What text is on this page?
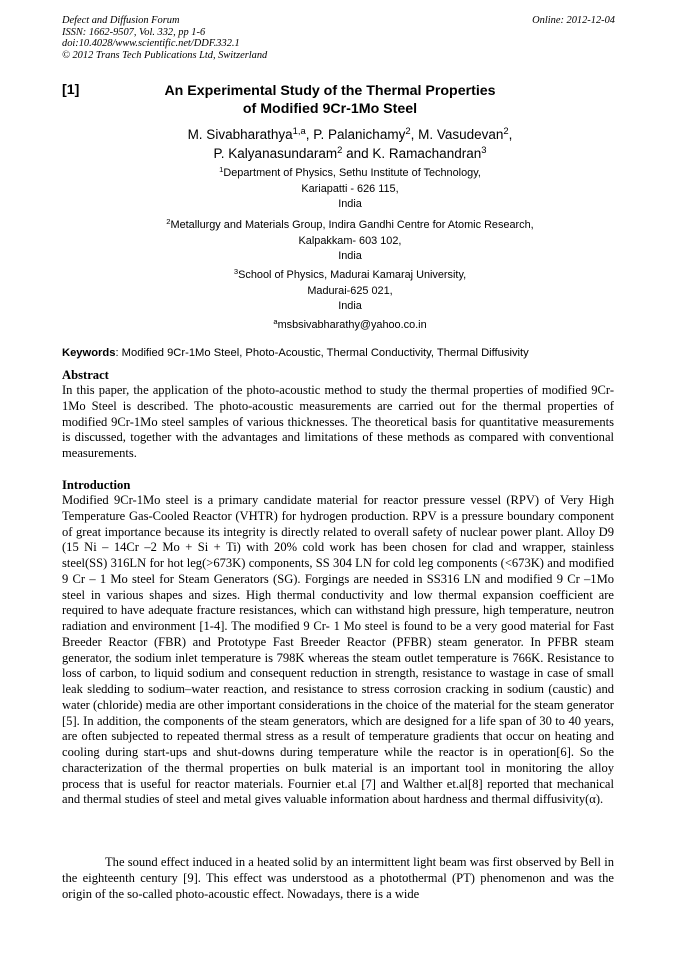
Defect and Diffusion Forum
ISSN: 1662-9507, Vol. 332, pp 1-6
doi:10.4028/www.scientific.net/DDF.332.1
© 2012 Trans Tech Publications Ltd, Switzerland
Online: 2012-12-04
[1]	An Experimental Study of the Thermal Properties
of Modified 9Cr-1Mo Steel
M. Sivabharathya$^{1,a}$, P. Palanichamy$^2$, M. Vasudevan$^2$,
P. Kalyanasundaram$^2$ and K. Ramachandran$^3$
$^1$Department of Physics, Sethu Institute of Technology,
Kariapatti - 626 115,
India
$^2$Metallurgy and Materials Group, Indira Gandhi Centre for Atomic Research,
Kalpakkam- 603 102,
India
$^3$School of Physics, Madurai Kamaraj University,
Madurai-625 021,
India
$^a$msbsivabharathy@yahoo.co.in
Keywords: Modified 9Cr-1Mo Steel, Photo-Acoustic, Thermal Conductivity, Thermal Diffusivity
Abstract
In this paper, the application of the photo-acoustic method to study the thermal properties of modified 9Cr-1Mo Steel is described. The photo-acoustic measurements are carried out for the thermal properties of modified 9Cr-1Mo steel samples of various thicknesses. The theoretical basis for quantitative measurements is discussed, together with the advantages and limitations of these methods as compared with conventional measurements.
Introduction
Modified 9Cr-1Mo steel is a primary candidate material for reactor pressure vessel (RPV) of Very High Temperature Gas-Cooled Reactor (VHTR) for hydrogen production. RPV is a pressure boundary component of great importance because its integrity is directly related to overall safety of nuclear power plant. Alloy D9 (15 Ni – 14Cr –2 Mo + Si + Ti) with 20% cold work has been chosen for clad and wrapper, stainless steel(SS) 316LN for hot leg(>673K) components, SS 304 LN for cold leg components (<673K) and modified 9 Cr – 1 Mo steel for Steam Generators (SG). Forgings are needed in SS316 LN and modified 9 Cr –1Mo steel in various shapes and sizes. High thermal conductivity and low thermal expansion coefficient are required to have adequate fracture resistances, which can withstand high pressure, high temperature, neutron radiation and environment [1-4]. The modified 9 Cr- 1 Mo steel is found to be a very good material for Fast Breeder Reactor (FBR) and Prototype Fast Breeder Reactor (PFBR) steam generator. In PFBR steam generator, the sodium inlet temperature is 798K whereas the steam outlet temperature is 766K. Resistance to loss of carbon, to liquid sodium and consequent reduction in strength, resistance to wastage in case of small leak sledding to sodium–water reaction, and resistance to stress corrosion cracking in sodium (caustic) and water (chloride) media are other important considerations in the choice of the material for the steam generator [5]. In addition, the components of the steam generators, which are designed for a life span of 30 to 40 years, are often subjected to repeated thermal stress as a result of temperature gradients that occur on heating and cooling during start-ups and shut-downs during temperature while the reactor is in operation[6]. So the characterization of the thermal properties on bulk material is an important tool in monitoring the alloy process that is useful for reactor materials. Fournier et.al [7] and Walther et.al[8] reported that mechanical and thermal studies of steel and metal gives valuable information about hardness and thermal diffusivity(α).
The sound effect induced in a heated solid by an intermittent light beam was first observed by Bell in the eighteenth century [9]. This effect was understood as a photothermal (PT) phenomenon and was the origin of the so-called photo-acoustic effect. Nowadays, there is a wide
